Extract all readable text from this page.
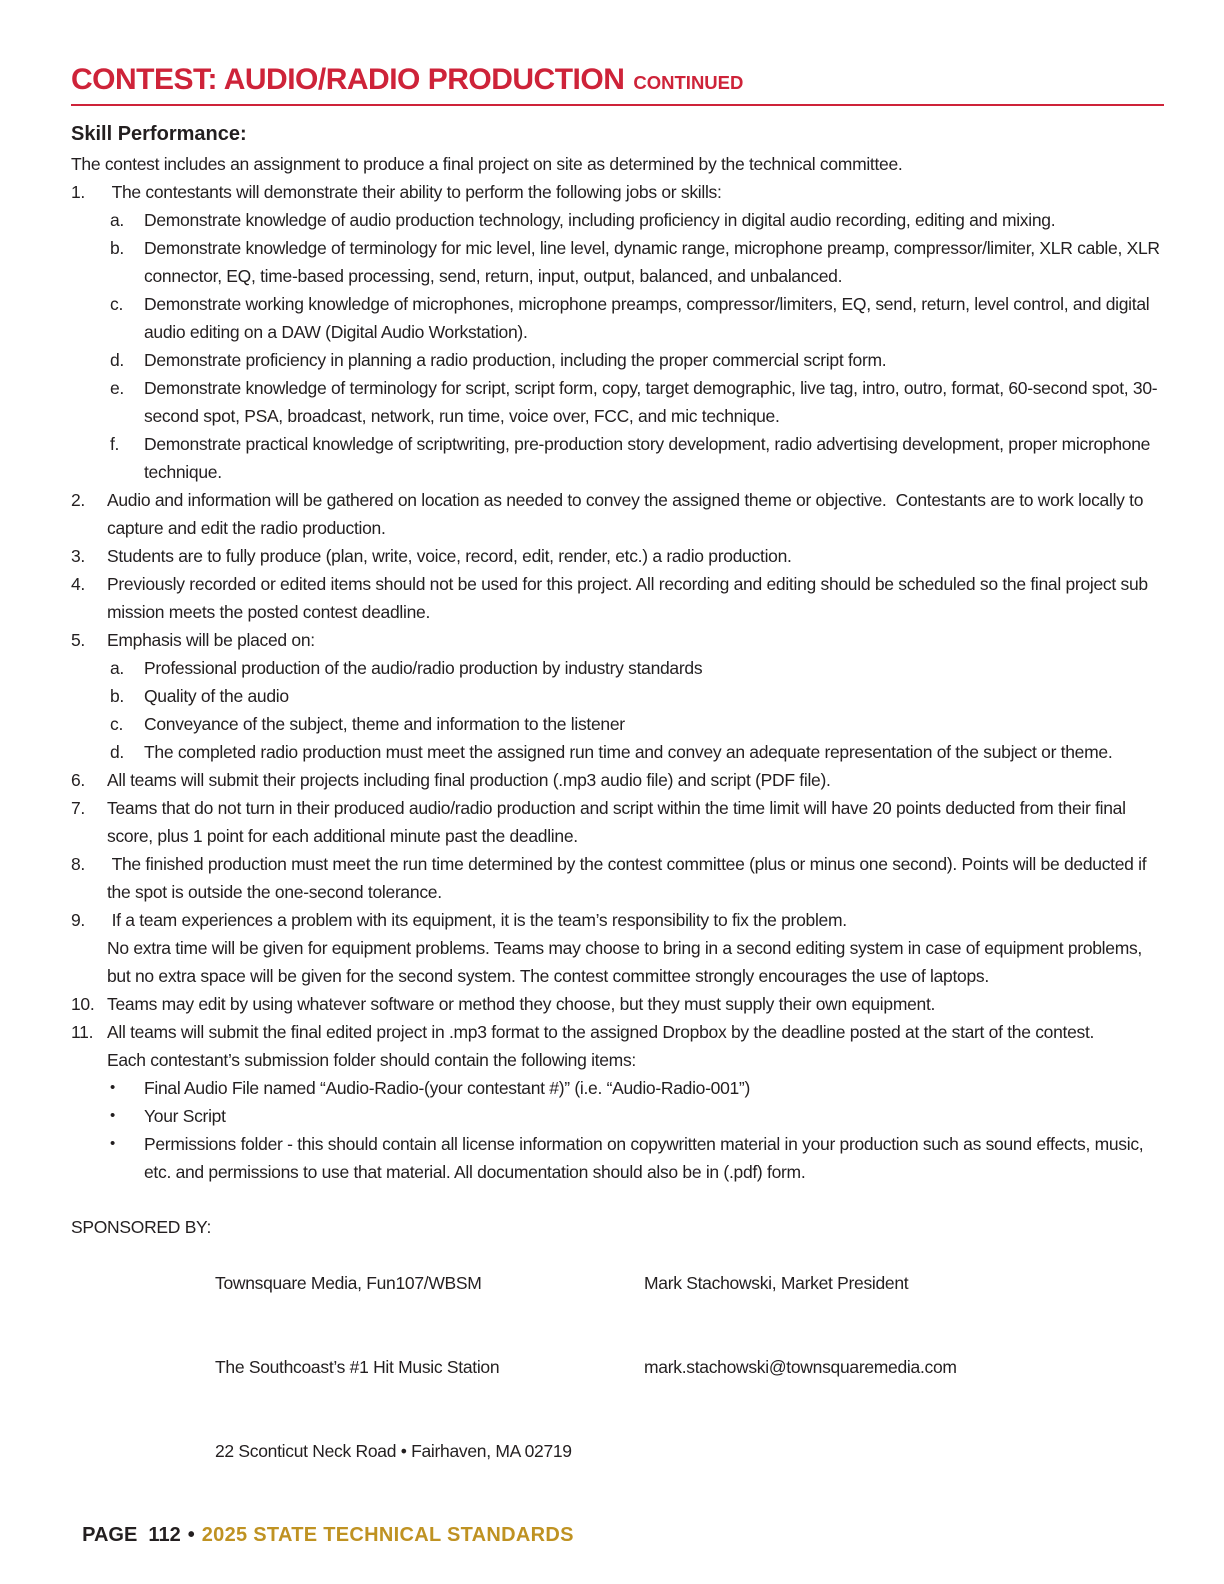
CONTEST: AUDIO/RADIO PRODUCTION CONTINUED
Skill Performance:

The contest includes an assignment to produce a final project on site as determined by the technical committee.

1. The contestants will demonstrate their ability to perform the following jobs or skills:

a. Demonstrate knowledge of audio production technology, including proficiency in digital audio recording, editing and mixing.

b. Demonstrate knowledge of terminology for mic level, line level, dynamic range, microphone preamp, compressor/limiter, XLR cable, XLR connector, EQ, time-based processing, send, return, input, output, balanced, and unbalanced.

c. Demonstrate working knowledge of microphones, microphone preamps, compressor/limiters, EQ, send, return, level control, and digital audio editing on a DAW (Digital Audio Workstation).

d. Demonstrate proficiency in planning a radio production, including the proper commercial script form.

e. Demonstrate knowledge of terminology for script, script form, copy, target demographic, live tag, intro, outro, format, 60-second spot, 30-second spot, PSA, broadcast, network, run time, voice over, FCC, and mic technique.

f. Demonstrate practical knowledge of scriptwriting, pre-production story development, radio advertising development, proper microphone technique.

2. Audio and information will be gathered on location as needed to convey the assigned theme or objective.  Contestants are to work locally to capture and edit the radio production.

3. Students are to fully produce (plan, write, voice, record, edit, render, etc.) a radio production.

4. Previously recorded or edited items should not be used for this project. All recording and editing should be scheduled so the final project sub mission meets the posted contest deadline.

5. Emphasis will be placed on:

a. Professional production of the audio/radio production by industry standards

b. Quality of the audio

c. Conveyance of the subject, theme and information to the listener

d. The completed radio production must meet the assigned run time and convey an adequate representation of the subject or theme.

6. All teams will submit their projects including final production (.mp3 audio file) and script (PDF file).

7. Teams that do not turn in their produced audio/radio production and script within the time limit will have 20 points deducted from their final score, plus 1 point for each additional minute past the deadline.

8. The finished production must meet the run time determined by the contest committee (plus or minus one second). Points will be deducted if the spot is outside the one-second tolerance.

9. If a team experiences a problem with its equipment, it is the team’s responsibility to fix the problem.

No extra time will be given for equipment problems. Teams may choose to bring in a second editing system in case of equipment problems, but no extra space will be given for the second system. The contest committee strongly encourages the use of laptops.

10. Teams may edit by using whatever software or method they choose, but they must supply their own equipment.

11. All teams will submit the final edited project in .mp3 format to the assigned Dropbox by the deadline posted at the start of the contest.

Each contestant’s submission folder should contain the following items:

• Final Audio File named “Audio-Radio-(your contestant #)” (i.e. “Audio-Radio-001”)

• Your Script

• Permissions folder - this should contain all license information on copywritten material in your production such as sound effects, music, etc. and permissions to use that material. All documentation should also be in (.pdf) form.

SPONSORED BY:

Townsquare Media, Fun107/WBSM

The Southcoast’s #1 Hit Music Station

22 Sconticut Neck Road • Fairhaven, MA 02719

Mark Stachowski, Market President

mark.stachowski@townsquaremedia.com

PAGE  112 • 2025 STATE TECHNICAL STANDARDS
